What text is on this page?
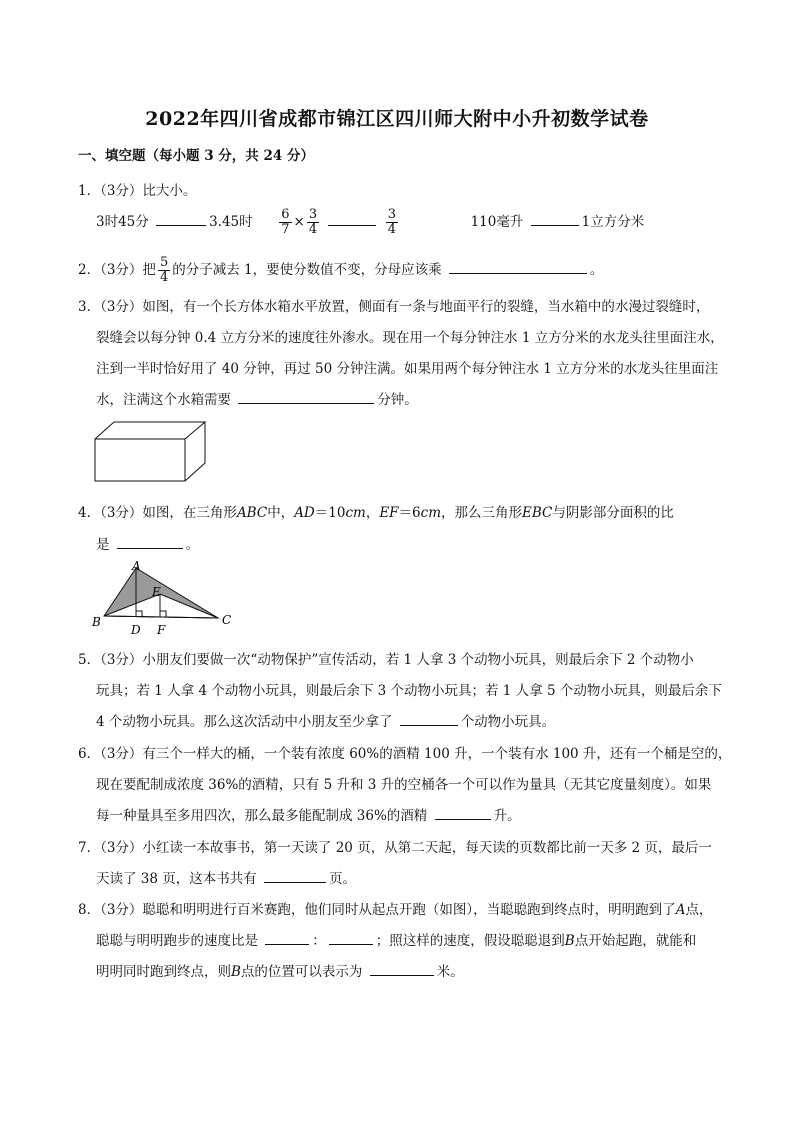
2022年四川省成都市锦江区四川师大附中小升初数学试卷
一、填空题（每小题 3 分，共 24 分）
1．（3分）比大小。
3时45分	3.45时 $\frac{6}{7} \times \frac{3}{4}$
	$\frac{3}{4}$	110毫升	1立方分米
2．（3分）把 $\frac{5}{4}$ 的分子减去 1，要使分数值不变，分母应该乘	。
3．（3分）如图，有一个长方体水箱水平放置，侧面有一条与地面平行的裂缝，当水箱中的水漫过裂缝时，
裂缝会以每分钟 0.4 立方分米的速度往外渗水。现在用一个每分钟注水 1 立方分米的水龙头往里面注水，
注到一半时恰好用了 40 分钟，再过 50 分钟注满。如果用两个每分钟注水 1 立方分米的水龙头往里面注
水，注满这个水箱需要	分钟。
4．（3分）如图，在三角形ABC中，AD＝10cm，EF＝6cm，那么三角形EBC与阴影部分面积的比
是	。
A
B	C
D
E
F
5．（3分）小朋友们要做一次“动物保护”宣传活动，若 1 人拿 3 个动物小玩具，则最后余下 2 个动物小
玩具；若 1 人拿 4 个动物小玩具，则最后余下 3 个动物小玩具；若 1 人拿 5 个动物小玩具，则最后余下
4 个动物小玩具。那么这次活动中小朋友至少拿了	个动物小玩具。
6．（3分）有三个一样大的桶，一个装有浓度 60%的酒精 100 升，一个装有水 100 升，还有一个桶是空的，
现在要配制成浓度 36%的酒精，只有 5 升和 3 升的空桶各一个可以作为量具（无其它度量刻度）。如果
每一种量具至多用四次，那么最多能配制成 36%的酒精	升。
7．（3分）小红读一本故事书，第一天读了 20 页，从第二天起，每天读的页数都比前一天多 2 页，最后一
天读了 38 页，这本书共有	页。
8．（3分）聪聪和明明进行百米赛跑，他们同时从起点开跑（如图），当聪聪跑到终点时，明明跑到了A点，
聪聪与明明跑步的速度比是	：	；照这样的速度，假设聪聪退到B点开始起跑，就能和
明明同时跑到终点，则B点的位置可以表示为	米。
